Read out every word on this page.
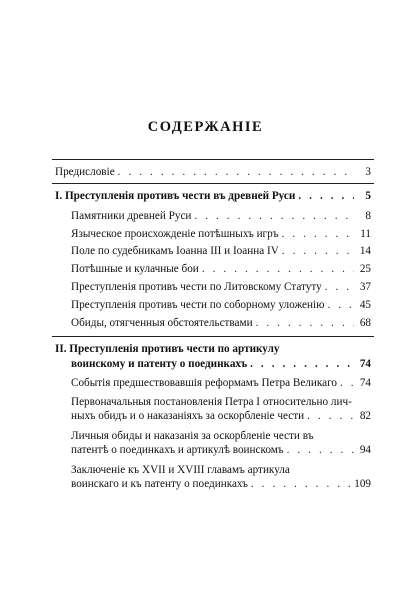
СОДЕРЖАНIЕ
Предисловіе . . .	3
I. Преступленія противъ чести въ древней Руси . . .	5
Памятники древней Руси . . .	8
Языческое происхожденіе потѣшныхъ игръ . . .	11
Поле по судебникамъ Іоанна III и Іоанна IV . . .	14
Потѣшные и кулачные бои . . .	25
Преступленія противъ чести по Литовскому Статуту . . .	37
Преступленія противъ чести по соборному уложенію . . .	45
Обиды, отягченныя обстоятельствами . . .	68
II. Преступленія противъ чести по артикулу
воинскому и патенту о поединкахъ . . .	74
Событія предшествовавшія реформамъ Петра Великаго . . . 74
Первоначальныя постановленія Петра I относительно лич-
ныхъ обидъ и о наказаніяхъ за оскорбленіе чести . . .	82
Личныя обиды и наказанія за оскорбленіе чести въ
патентѣ о поединкахъ и артикулѣ воинскомъ . . .	94
Заключеніе къ XVII и XVIII главамъ артикула
воинскаго и къ патенту о поединкахъ . . .	109
